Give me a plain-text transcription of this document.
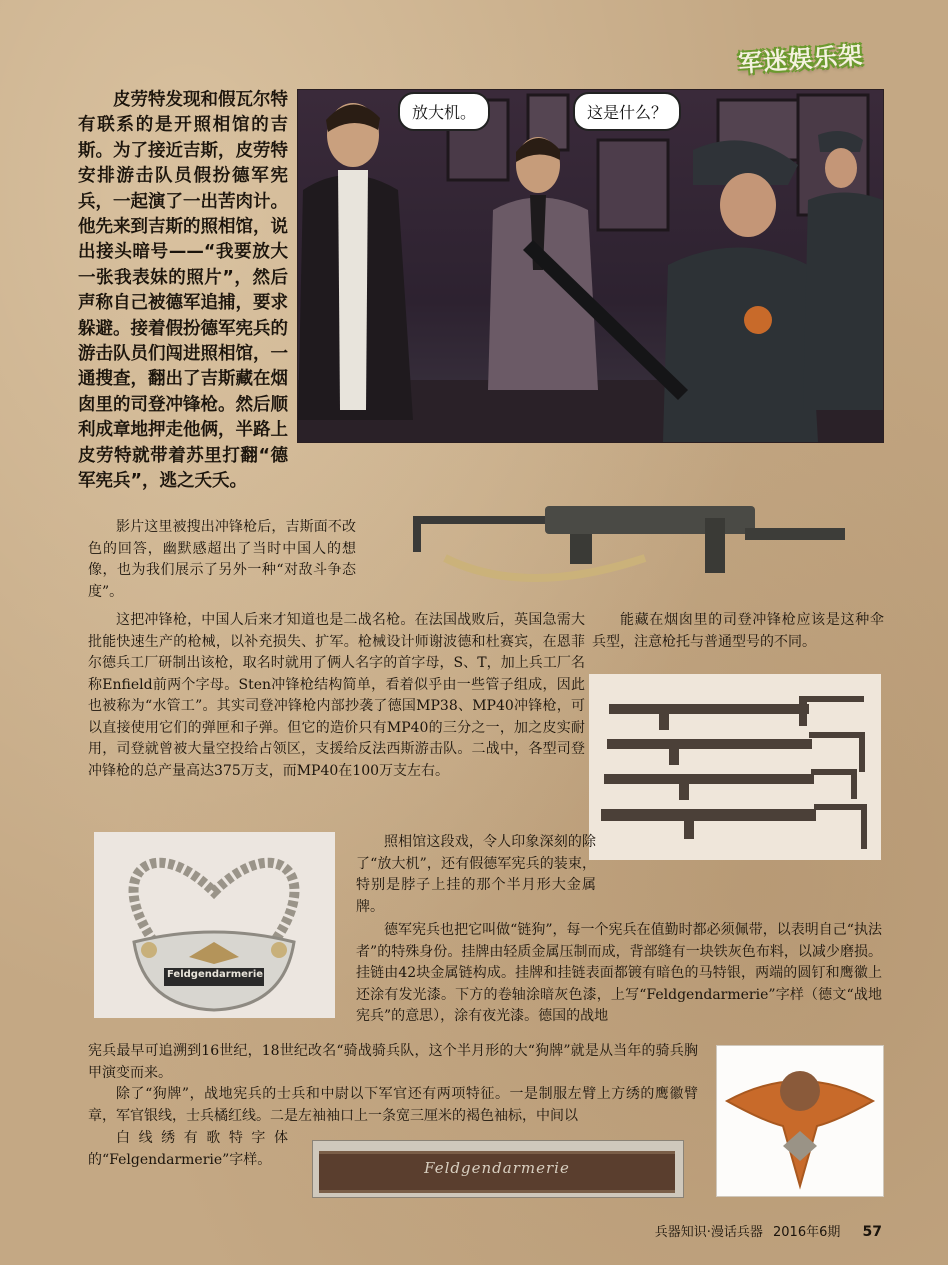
军迷娱乐架
皮劳特发现和假瓦尔特有联系的是开照相馆的吉斯。为了接近吉斯，皮劳特安排游击队员假扮德军宪兵，一起演了一出苦肉计。他先来到吉斯的照相馆，说出接头暗号——“我要放大一张我表妹的照片”，然后声称自己被德军追捕，要求躲避。接着假扮德军宪兵的游击队员们闯进照相馆，一通搜查，翻出了吉斯藏在烟囱里的司登冲锋枪。然后顺利成章地押走他俩，半路上皮劳特就带着苏里打翻“德军宪兵”，逃之夭夭。
放大机。	这是什么？
影片这里被搜出冲锋枪后，吉斯面不改色的回答，幽默感超出了当时中国人的想像，也为我们展示了另外一种“对敌斗争态度”。
这把冲锋枪，中国人后来才知道也是二战名枪。在法国战败后，英国急需大批能快速生产的枪械，以补充损失、扩军。枪械设计师谢波德和杜赛宾，在恩菲尔德兵工厂研制出该枪，取名时就用了俩人名字的首字母，S、T，加上兵工厂名称Enfield前两个字母。Sten冲锋枪结构简单，看着似乎由一些管子组成，因此也被称为“水管工”。其实司登冲锋枪内部抄袭了德国MP38、MP40冲锋枪，可以直接使用它们的弹匣和子弹。但它的造价只有MP40的三分之一，加之皮实耐用，司登就曾被大量空投给占领区，支援给反法西斯游击队。二战中，各型司登冲锋枪的总产量高达375万支，而MP40在100万支左右。
能藏在烟囱里的司登冲锋枪应该是这种伞兵型，注意枪托与普通型号的不同。
Feldgendarmerie
照相馆这段戏，令人印象深刻的除了“放大机”，还有假德军宪兵的装束，特别是脖子上挂的那个半月形大金属牌。
德军宪兵也把它叫做“链狗”，每一个宪兵在值勤时都必须佩带，以表明自己“执法者”的特殊身份。挂牌由轻质金属压制而成，背部缝有一块铁灰色布料，以减少磨损。挂链由42块金属链构成。挂牌和挂链表面都镀有暗色的马特银，两端的圆钉和鹰徽上还涂有发光漆。下方的卷轴涂暗灰色漆，上写“Feldgendarmerie”字样（德文“战地宪兵”的意思），涂有夜光漆。德国的战地
宪兵最早可追溯到16世纪，18世纪改名“骑战骑兵队，这个半月形的大“狗牌”就是从当年的骑兵胸甲演变而来。
除了“狗牌”，战地宪兵的士兵和中尉以下军官还有两项特征。一是制服左臂上方绣的鹰徽臂章，军官银线，士兵橘红线。二是左袖袖口上一条宽三厘米的褐色袖标，中间以
白线绣有歌特字体的“Felgendarmerie”字样。	Feldgendarmerie
兵器知识·漫话兵器 2016年6期 57
